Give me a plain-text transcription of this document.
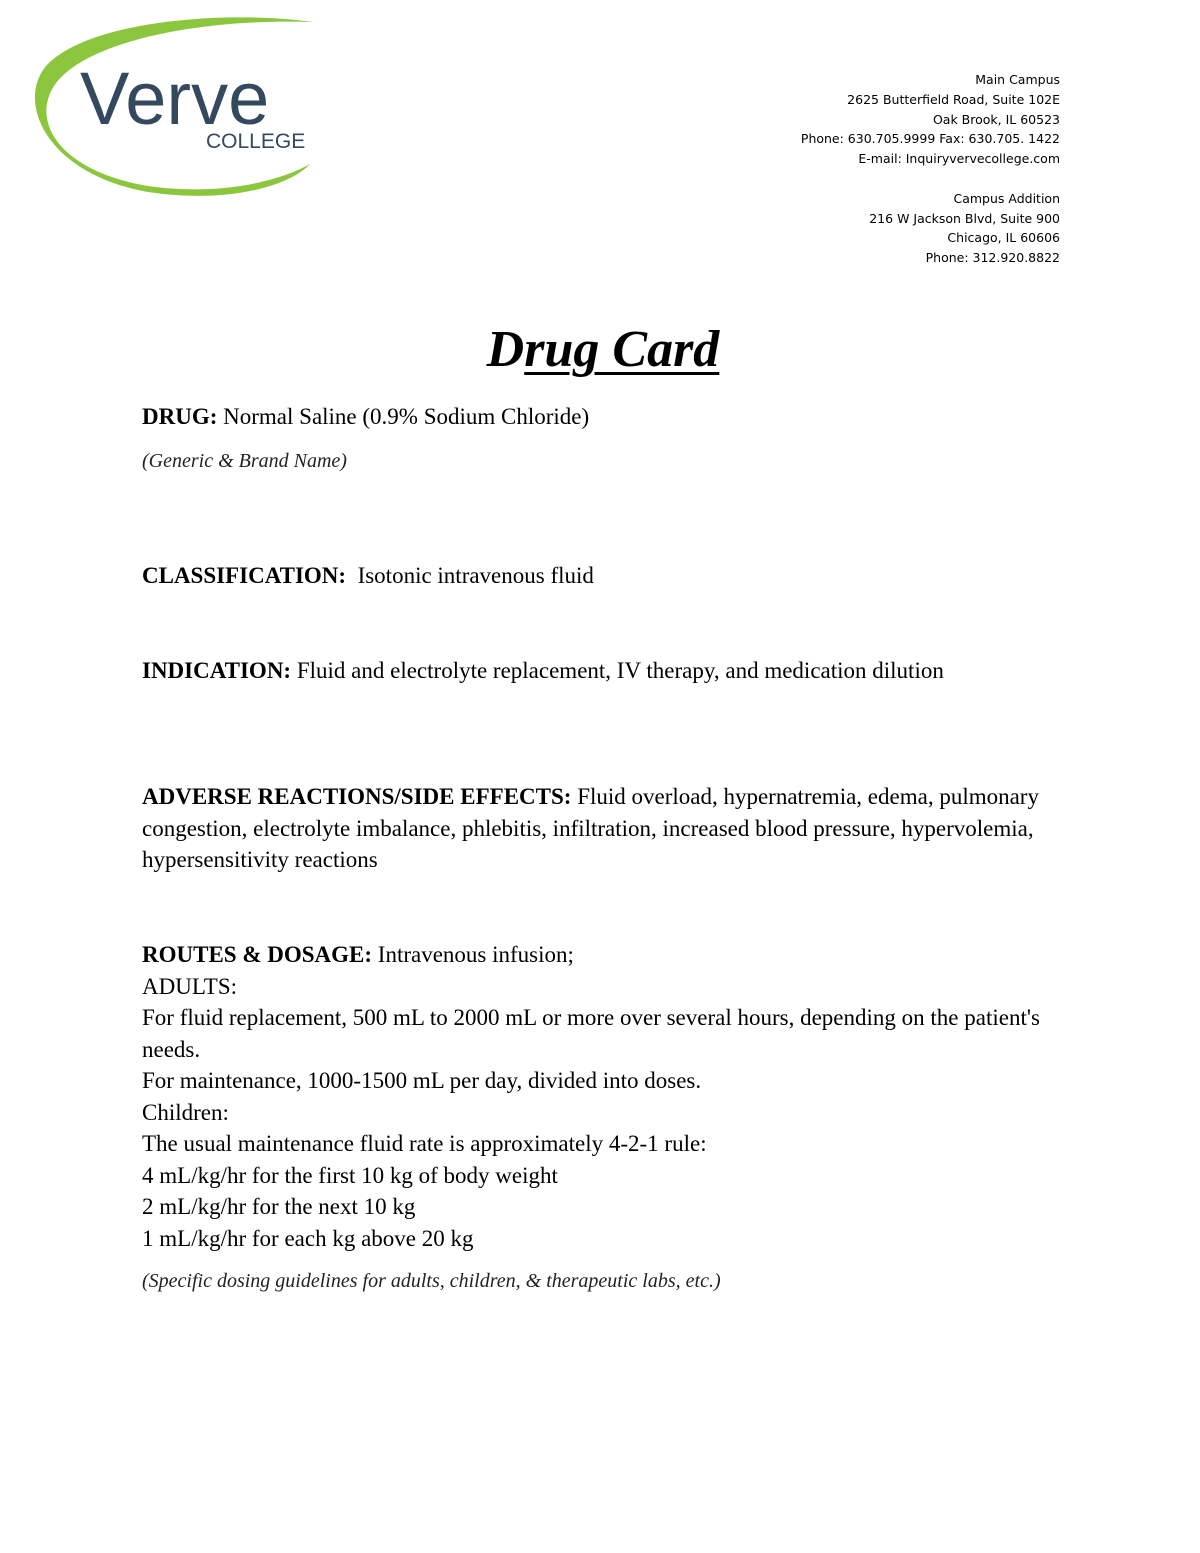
Verve
COLLEGE
Main Campus
2625 Butterfield Road, Suite 102E
Oak Brook, IL 60523
Phone: 630.705.9999 Fax: 630.705. 1422
E-mail: Inquiryvervecollege.com
Campus Addition
216 W Jackson Blvd, Suite 900
Chicago, IL 60606
Phone: 312.920.8822
Drug Card
DRUG: Normal Saline (0.9% Sodium Chloride)
(Generic & Brand Name)
CLASSIFICATION:  Isotonic intravenous fluid
INDICATION: Fluid and electrolyte replacement, IV therapy, and medication dilution
ADVERSE REACTIONS/SIDE EFFECTS: Fluid overload, hypernatremia, edema, pulmonary congestion, electrolyte imbalance, phlebitis, infiltration, increased blood pressure, hypervolemia, hypersensitivity reactions
ROUTES & DOSAGE: Intravenous infusion;
ADULTS:
For fluid replacement, 500 mL to 2000 mL or more over several hours, depending on the patient's needs.
For maintenance, 1000-1500 mL per day, divided into doses.
Children:
The usual maintenance fluid rate is approximately 4-2-1 rule:
4 mL/kg/hr for the first 10 kg of body weight
2 mL/kg/hr for the next 10 kg
1 mL/kg/hr for each kg above 20 kg
(Specific dosing guidelines for adults, children, & therapeutic labs, etc.)
